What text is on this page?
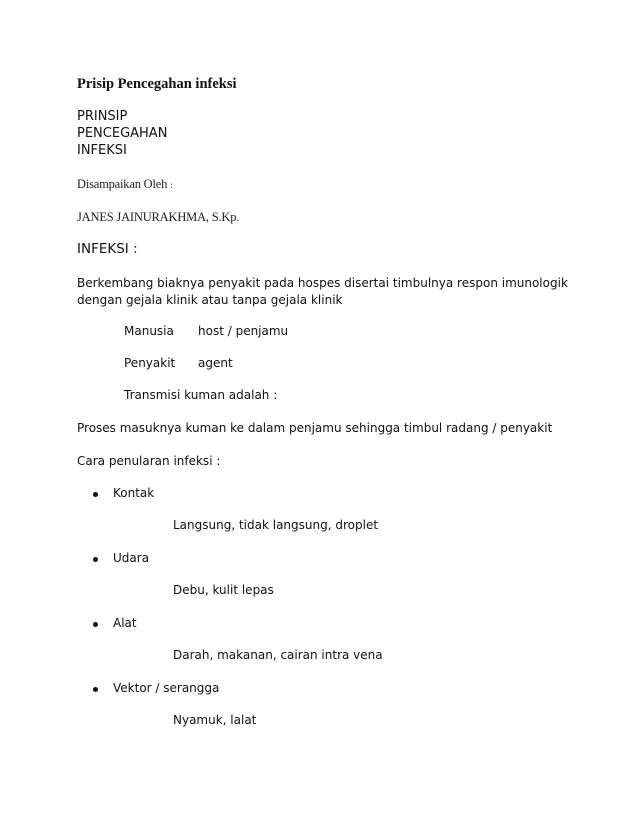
Prisip Pencegahan infeksi
PRINSIP
PENCEGAHAN
INFEKSI
Disampaikan Oleh :
JANES JAINURAKHMA, S.Kp.
INFEKSI :
Berkembang biaknya penyakit pada hospes disertai timbulnya respon imunologik
dengan gejala klinik atau tanpa gejala klinik
Manusia host / penjamu
Penyakit agent
Transmisi kuman adalah :
Proses masuknya kuman ke dalam penjamu sehingga timbul radang / penyakit
Cara penularan infeksi :
Kontak
Langsung, tidak langsung, droplet
Udara
Debu, kulit lepas
Alat
Darah, makanan, cairan intra vena
Vektor / serangga
Nyamuk, lalat
